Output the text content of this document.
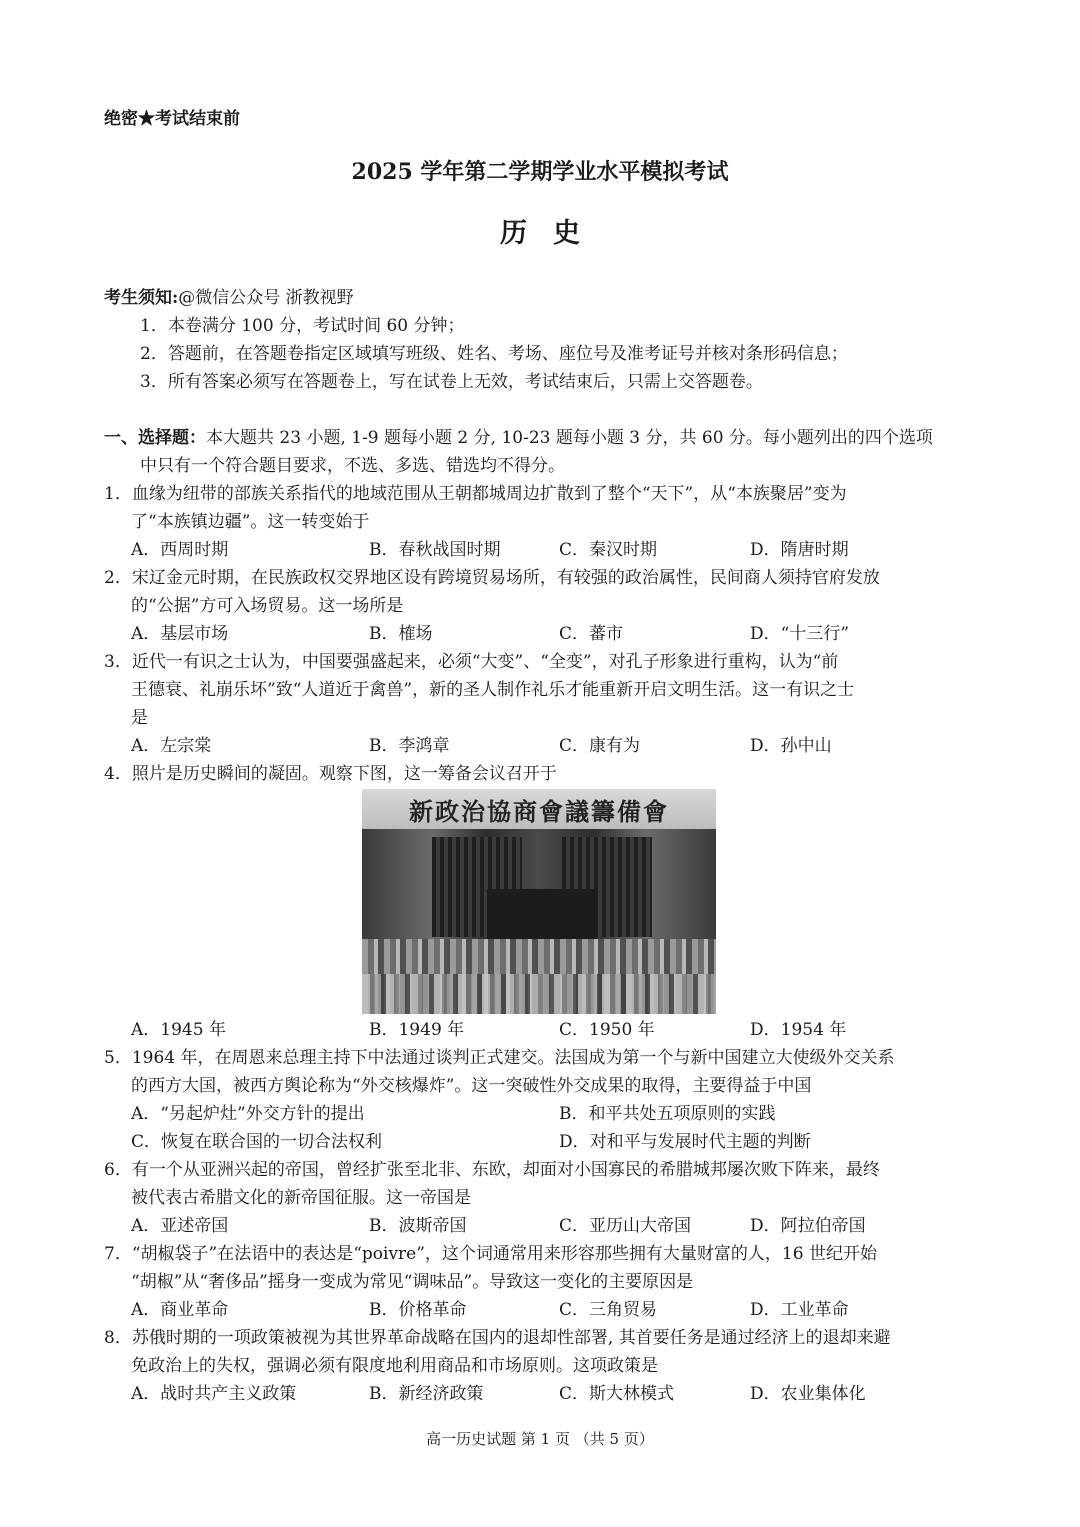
绝密★考试结束前
2025 学年第二学期学业水平模拟考试
历史
考生须知:@微信公众号 浙教视野
1．本卷满分 100 分，考试时间 60 分钟；
2．答题前，在答题卷指定区域填写班级、姓名、考场、座位号及准考证号并核对条形码信息；
3．所有答案必须写在答题卷上，写在试卷上无效，考试结束后，只需上交答题卷。
一、选择题：本大题共 23 小题, 1-9 题每小题 2 分, 10-23 题每小题 3 分，共 60 分。每小题列出的四个选项
中只有一个符合题目要求，不选、多选、错选均不得分。
1．血缘为纽带的部族关系指代的地域范围从王朝都城周边扩散到了整个“天下”，从“本族聚居”变为
了“本族镇边疆”。这一转变始于
A．西周时期	B．春秋战国时期	C．秦汉时期	D．隋唐时期
2．宋辽金元时期，在民族政权交界地区设有跨境贸易场所，有较强的政治属性，民间商人须持官府发放
的“公据”方可入场贸易。这一场所是
A．基层市场	B．榷场	C．蕃市	D．“十三行”
3．近代一有识之士认为，中国要强盛起来，必须“大变”、“全变”，对孔子形象进行重构，认为“前
王德衰、礼崩乐坏”致“人道近于禽兽”，新的圣人制作礼乐才能重新开启文明生活。这一有识之士
是
A．左宗棠	B．李鸿章	C．康有为	D．孙中山
4．照片是历史瞬间的凝固。观察下图，这一筹备会议召开于
新政治協商會議籌備會
A．1945 年	B．1949 年	C．1950 年	D．1954 年
5．1964 年，在周恩来总理主持下中法通过谈判正式建交。法国成为第一个与新中国建立大使级外交关系
的西方大国，被西方舆论称为“外交核爆炸”。这一突破性外交成果的取得，主要得益于中国
A．“另起炉灶”外交方针的提出	B．和平共处五项原则的实践
C．恢复在联合国的一切合法权利	D．对和平与发展时代主题的判断
6．有一个从亚洲兴起的帝国，曾经扩张至北非、东欧，却面对小国寡民的希腊城邦屡次败下阵来，最终
被代表古希腊文化的新帝国征服。这一帝国是
A．亚述帝国	B．波斯帝国	C．亚历山大帝国	D．阿拉伯帝国
7．“胡椒袋子”在法语中的表达是“poivre”，这个词通常用来形容那些拥有大量财富的人，16 世纪开始
“胡椒”从“奢侈品”摇身一变成为常见“调味品”。导致这一变化的主要原因是
A．商业革命	B．价格革命	C．三角贸易	D．工业革命
8．苏俄时期的一项政策被视为其世界革命战略在国内的退却性部署, 其首要任务是通过经济上的退却来避
免政治上的失权，强调必须有限度地利用商品和市场原则。这项政策是
A．战时共产主义政策	B．新经济政策	C．斯大林模式	D．农业集体化
高一历史试题 第 1 页 （共 5 页）
